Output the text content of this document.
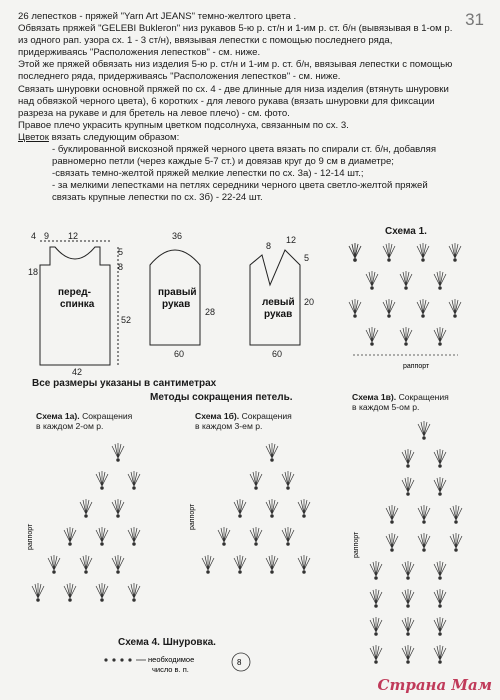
31

26 лепестков - пряжей "Yarn Art JEANS" темно-желтого цвета .

Обвязать пряжей "GELEBI Bukleron" низ рукавов 5-ю р. ст/н и 1-им р. ст. б/н (вывязывая в 1-ом р. из одного рап. узора сх. 1 - 3 ст/н), ввязывая лепестки с помощью последнего ряда, придерживаясь "Расположения лепестков" - см. ниже.

Этой же пряжей обвязать низ изделия 5-ю р. ст/н и 1-им р. ст. б/н, ввязывая лепестки с помощью последнего ряда, придерживаясь "Расположения лепестков" - см. ниже.

Связать шнуровки основной пряжей по сх. 4 - две длинные для низа изделия (втянуть шнуровки над обвязкой черного цвета), 6 коротких - для левого рукава (вязать шнуровки для фиксации разреза на рукаве и для бретель на левое плечо) - см. фото.

Правое плечо украсить крупным цветком подсолнуха, связанным по сх. 3.

Цветок вязать следующим образом:

- буклированной вискозной пряжей черного цвета вязать по спирали ст. б/н, добавляя равномерно петли (через каждые 5-7 ст.) и довязав круг до 9 см в диаметре;

-связать темно-желтой пряжей мелкие лепестки по сх. 3а) - 12-14 шт.;

- за мелкими лепестками на петлях середники черного цвета светло-желтой пряжей связать крупные лепестки по сх. 3б) - 22-24 шт.

4 9 12
5
18	8
52
42
перед-
спинка
36
28
60
правый
рукав
8
12
5
60
20
левый
рукав
Все размеры указаны в сантиметрах
Методы сокращения петель.
Схема 1.
раппорт
Схема 1а). Сокращения
в каждом 2-ом р.
раппорт
Схема 1б). Сокращения
в каждом 3-ем р.
раппорт
Схема 1в). Сокращения
в каждом 5-ом р.
раппорт
Схема 4. Шнуровка.
8
необходимое
число в. п.
Страна Мам
